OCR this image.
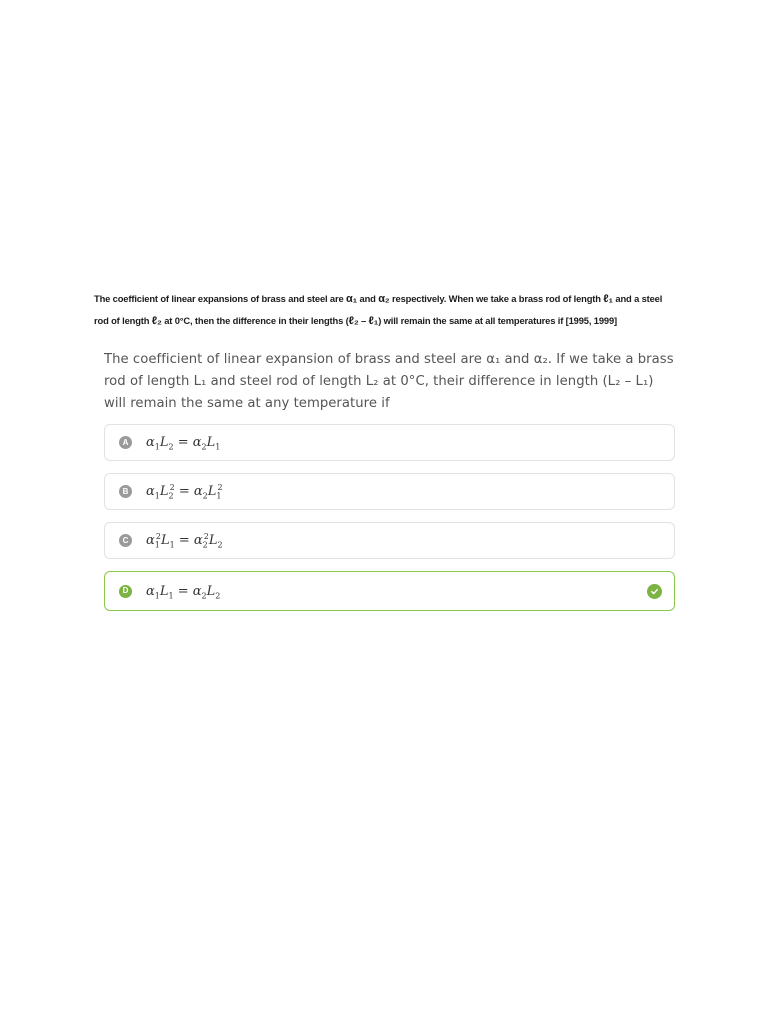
The coefficient of linear expansions of brass and steel are α₁ and α₂ respectively. When we take a brass rod of length ℓ₁ and a steel rod of length ℓ₂ at 0°C, then the difference in their lengths (ℓ₂ – ℓ₁) will remain the same at all temperatures if [1995, 1999]
The coefficient of linear expansion of brass and steel are α₁ and α₂. If we take a brass rod of length L₁ and steel rod of length L₂ at 0°C, their difference in length (L₂ – L₁) will remain the same at any temperature if
A $\alpha_1L_2 = \alpha_2L_1$
B $\alpha_1L_2^2 = \alpha_2L_1^2$
C $\alpha_1^2L_1 = \alpha_2^2L_2$
D $\alpha_1L_1 = \alpha_2L_2$
